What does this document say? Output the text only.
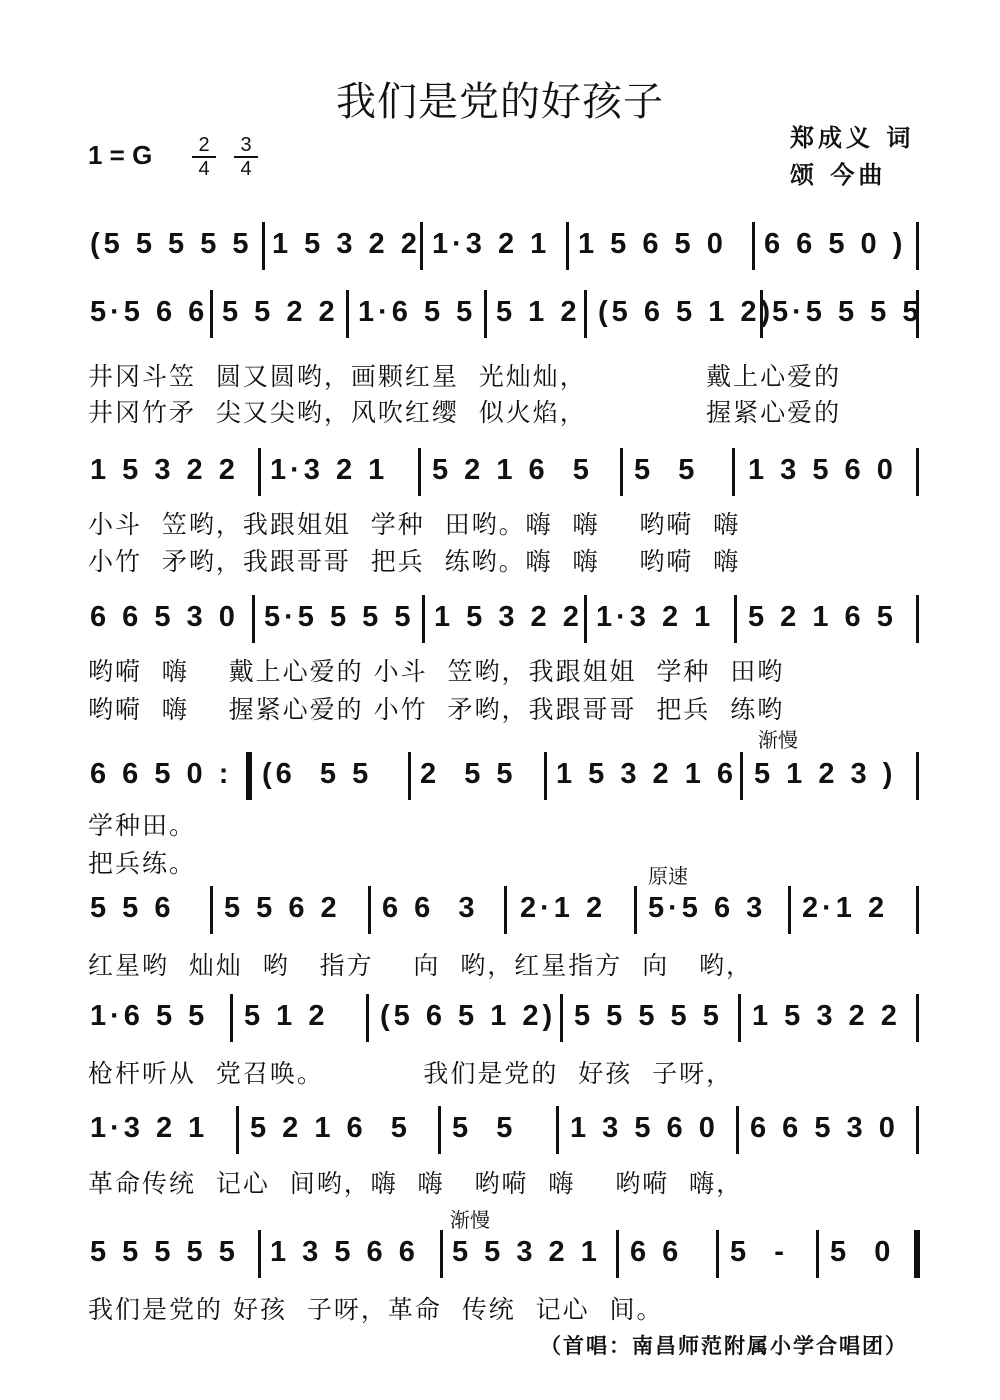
我们是党的好孩子
1 = G	2
4
3
4
郑成义 词
颂 今曲
(5 5 5 5 5 1 5 3 2 2 1·3 2 1 1 5 6 5 0 6 6 5 0 )
5·5 6 6 5 5 2 2 1·6 5 5 5 1 2 (5 6 5 1 2)
5·5 5 5 5
井冈斗笠  圆又圆哟，画颗红星  光灿灿，            戴上心爱的
井冈竹矛  尖又尖哟，风吹红缨  似火焰，            握紧心爱的
1 5 3 2 2 1·3 2 1 5 2 1 6  5 5  5 1 3 5 6 0
小斗  笠哟，我跟姐姐  学种  田哟。嗨  嗨    哟嗬  嗨
小竹  矛哟，我跟哥哥  把兵  练哟。嗨  嗨    哟嗬  嗨
6 6 5 3 0 5·5 5 5 5 1 5 3 2 2 1·3 2 1 5 2 1 6 5
哟嗬  嗨    戴上心爱的 小斗  笠哟，我跟姐姐  学种  田哟
哟嗬  嗨    握紧心爱的 小竹  矛哟，我跟哥哥  把兵  练哟
渐慢
6 6 5 0 : (6  5 5 2  5 5 1 5 3 2 1 6 5 1 2 3 )
学种田。
把兵练。	原速
5 5 6 5 5 6 2 6 6  3 2·1 2 5·5 6 3 2·1 2
红星哟  灿灿  哟   指方    向  哟，红星指方  向   哟，
1·6 5 5 5 1 2 (5 6 5 1 2) 5 5 5 5 5 1 5 3 2 2
枪杆听从  党召唤。          我们是党的  好孩  子呀，
1·3 2 1 5 2 1 6  5 5  5 1 3 5 6 0 6 6 5 3 0
革命传统  记心  间哟，嗨  嗨   哟嗬  嗨    哟嗬  嗨，
渐慢
5 5 5 5 5 1 3 5 6 6 5 5 3 2 1 6 6 5  - 5  0
我们是党的 好孩  子呀，革命  传统  记心  间。
（首唱：南昌师范附属小学合唱团）
